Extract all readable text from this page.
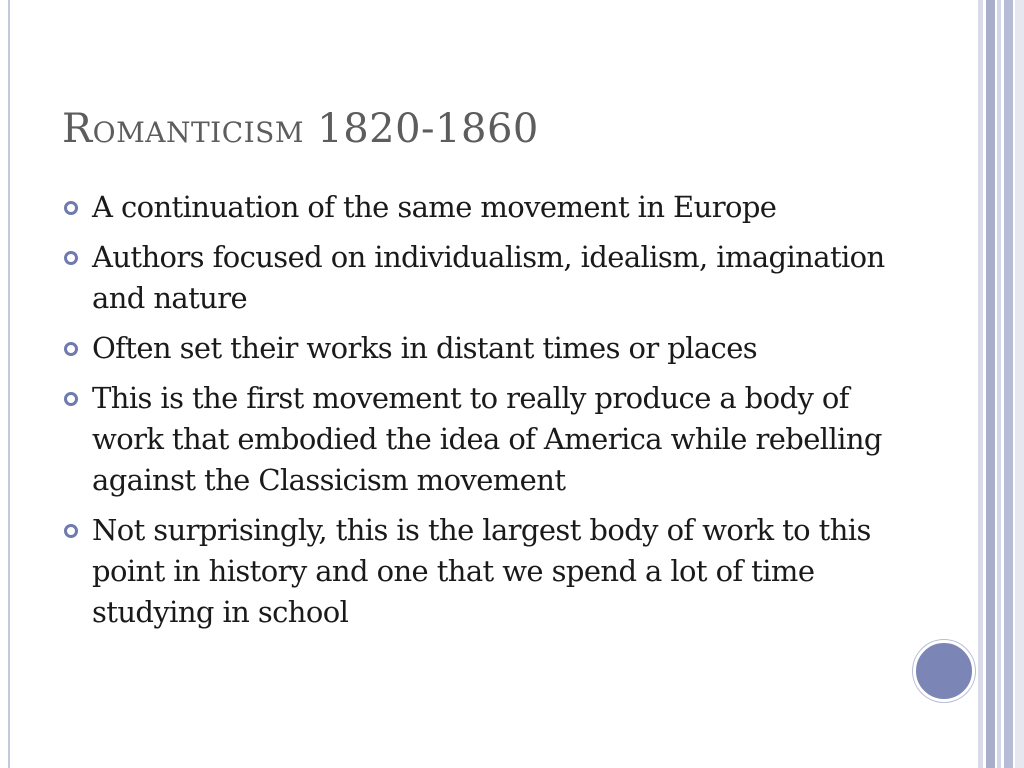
Romanticism 1820-1860
A continuation of the same movement in Europe
Authors focused on individualism, idealism, imagination and nature
Often set their works in distant times or places
This is the first movement to really produce a body of work that embodied the idea of America while rebelling against the Classicism movement
Not surprisingly, this is the largest body of work to this point in history and one that we spend a lot of time studying in school
